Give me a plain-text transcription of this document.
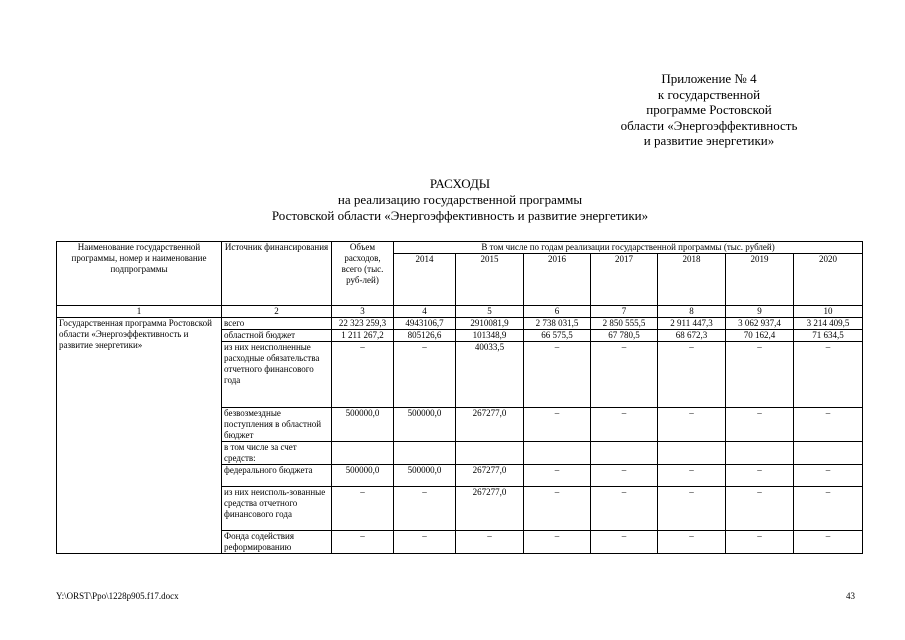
Приложение № 4
к государственной
программе Ростовской
области «Энергоэффективность
и развитие энергетики»
РАСХОДЫ
на реализацию государственной программы
Ростовской области «Энергоэффективность и развитие энергетики»
Наименование государственной программы, номер и наименование подпрограммы	Источник финансирования	Объем расходов, всего (тыс. руб-лей)	В том числе по годам реализации государственной программы (тыс. рублей)						
			2014	2015	2016	2017	2018	2019	2020
1	2	3	4	5	6	7	8	9	10
Государственная программа Ростовской области «Энергоэффективность и развитие энергетики»	всего	22 323 259,3	4943106,7	2910081,9	2 738 031,5	2 850 555,5	2 911 447,3	3 062 937,4	3 214 409,5
	областной бюджет	1 211 267,2	805126,6	101348,9	66 575,5	67 780,5	68 672,3	70 162,4	71 634,5
	из них неисполненные расходные обязательства отчетного финансового года	–	–	40033,5	–	–	–	–	–
	безвозмездные поступления в областной бюджет	500000,0	500000,0	267277,0	–	–	–	–	–
	в том числе за счет средств:								
	федерального бюджета	500000,0	500000,0	267277,0	–	–	–	–	–
	из них неисполь-зованные средства отчетного финансового года	–	–	267277,0	–	–	–	–	–
	Фонда содействия реформированию	–	–	–	–	–	–	–	–
Y:\ORST\Ppo\1228p905.f17.docx	43
